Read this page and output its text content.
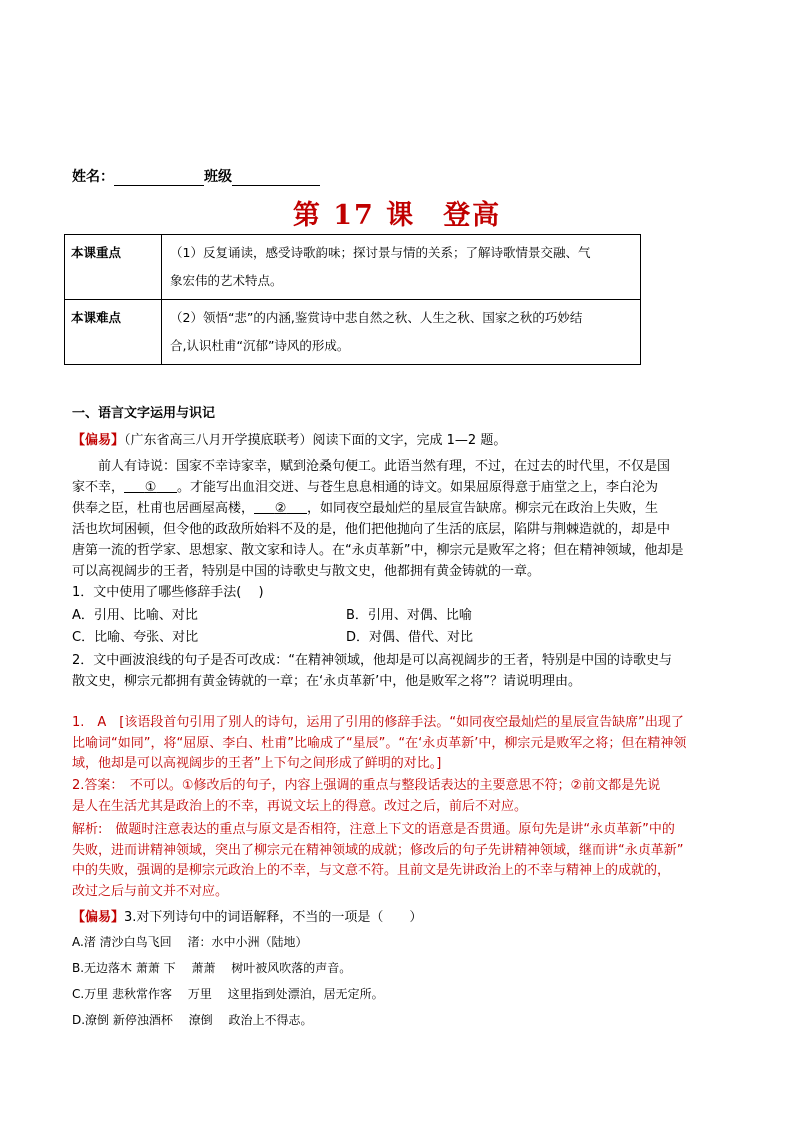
姓名：	班级
第 17 课 登高
本课重点	（1）反复诵读，感受诗歌韵味；探讨景与情的关系；了解诗歌情景交融、气
象宏伟的艺术特点。

本课难点	（2）领悟“悲”的内涵,鉴赏诗中悲自然之秋、人生之秋、国家之秋的巧妙结
合,认识杜甫“沉郁”诗风的形成。
一、语言文字运用与识记
【偏易】（广东省高三八月开学摸底联考）阅读下面的文字，完成 1—2 题。
前人有诗说：国家不幸诗家幸，赋到沧桑句便工。此语当然有理，不过，在过去的时代里，不仅是国
家不幸， ① 。才能写出血泪交迸、与苍生息息相通的诗文。如果屈原得意于庙堂之上，李白沦为
供奉之臣，杜甫也居画屋高楼， ② ，如同夜空最灿烂的星辰宣告缺席。柳宗元在政治上失败，生
活也坎坷困顿，但令他的政敌所始料不及的是，他们把他抛向了生活的底层，陷阱与荆棘造就的，却是中
唐第一流的哲学家、思想家、散文家和诗人。在“永贞革新”中，柳宗元是败军之将；但在精神领域，他却是
可以高视阔步的王者，特别是中国的诗歌史与散文史，他都拥有黄金铸就的一章。
1．文中使用了哪些修辞手法(　 )
A．引用、比喻、对比	B．引用、对偶、比喻
C．比喻、夸张、对比	D．对偶、借代、对比
2．文中画波浪线的句子是否可改成：“在精神领域，他却是可以高视阔步的王者，特别是中国的诗歌史与
散文史，柳宗元都拥有黄金铸就的一章；在‘永贞革新’中，他是败军之将”？请说明理由。
1.　A　[该语段首句引用了别人的诗句，运用了引用的修辞手法。“如同夜空最灿烂的星辰宣告缺席”出现了
比喻词“如同”，将“屈原、李白、杜甫”比喻成了“星辰”。“在‘永贞革新’中，柳宗元是败军之将；但在精神领
域，他却是可以高视阔步的王者”上下句之间形成了鲜明的对比。]
2.答案：　不可以。①修改后的句子，内容上强调的重点与整段话表达的主要意思不符；②前文都是先说
是人在生活尤其是政治上的不幸，再说文坛上的得意。改过之后，前后不对应。
解析:　做题时注意表达的重点与原文是否相符，注意上下文的语意是否贯通。原句先是讲“永贞革新”中的
失败，进而讲精神领域，突出了柳宗元在精神领域的成就；修改后的句子先讲精神领域，继而讲“永贞革新”
中的失败，强调的是柳宗元政治上的不幸，与文意不符。且前文是先讲政治上的不幸与精神上的成就的，
改过之后与前文并不对应。
【偏易】3.对下列诗句中的词语解释，不当的一项是（　　）
A.渚 清沙白鸟飞回　 渚：水中小洲（陆地）
B.无边落木 萧萧 下　 萧萧　 树叶被风吹落的声音。
C.万里 悲秋常作客　 万里　 这里指到处漂泊，居无定所。
D.潦倒 新停浊酒杯　 潦倒　 政治上不得志。
